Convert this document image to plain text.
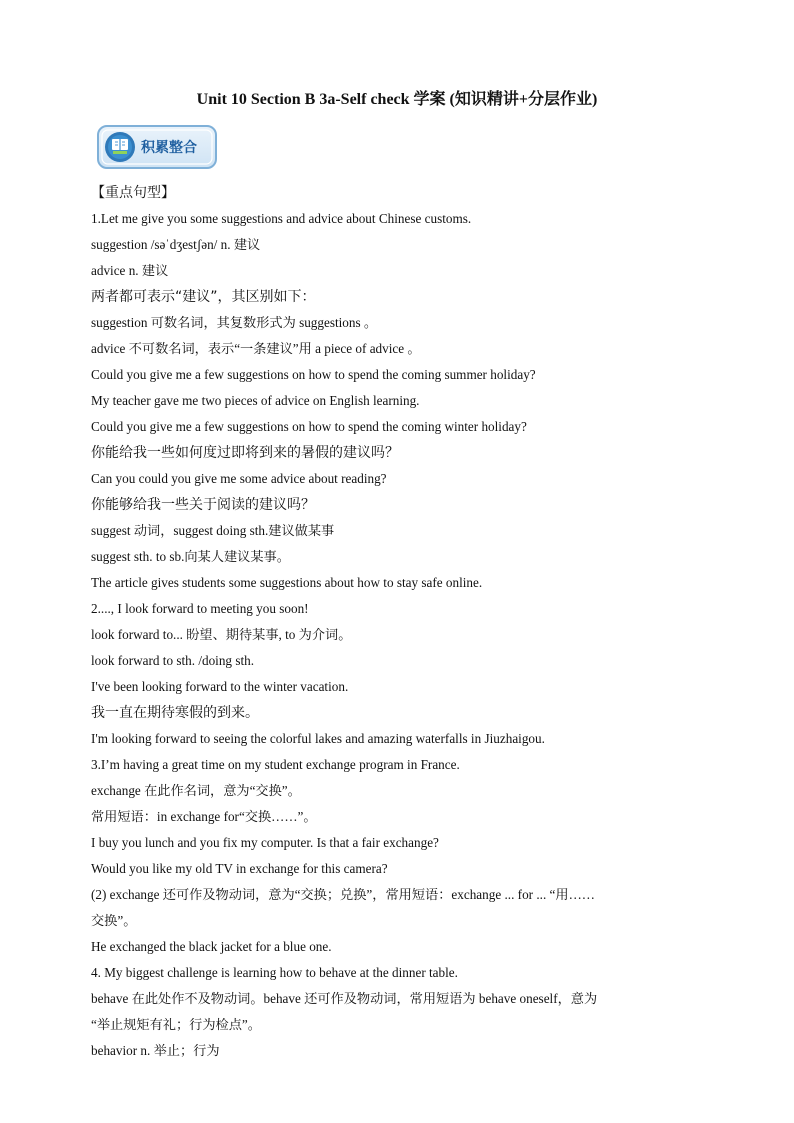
Unit 10 Section B 3a-Self check 学案 (知识精讲+分层作业)
积累整合
【重点句型】
1.Let me give you some suggestions and advice about Chinese customs.
suggestion /səˈdʒestʃən/ n. 建议
advice n. 建议
两者都可表示“建议”，其区别如下：
suggestion 可数名词，其复数形式为 suggestions 。
advice 不可数名词，表示“一条建议”用 a piece of advice 。
Could you give me a few suggestions on how to spend the coming summer holiday?
My teacher gave me two pieces of advice on English learning.
Could you give me a few suggestions on how to spend the coming winter holiday?
你能给我一些如何度过即将到来的暑假的建议吗？
Can you could you give me some advice about reading?
你能够给我一些关于阅读的建议吗？
suggest 动词，suggest doing sth.建议做某事
suggest sth. to sb.向某人建议某事。
The article gives students some suggestions about how to stay safe online.
2...., I look forward to meeting you soon!
look forward to... 盼望、期待某事, to 为介词。
look forward to sth. /doing sth.
I've been looking forward to the winter vacation.
我一直在期待寒假的到来。
I'm looking forward to seeing the colorful lakes and amazing waterfalls in Jiuzhaigou.
3.I’m having a great time on my student exchange program in France.
exchange 在此作名词，意为“交换”。
常用短语：in exchange for“交换……”。
I buy you lunch and you fix my computer. Is that a fair exchange?
Would you like my old TV in exchange for this camera?
(2) exchange 还可作及物动词，意为“交换；兑换”，常用短语：exchange ... for ... “用……
交换”。
He exchanged the black jacket for a blue one.
4. My biggest challenge is learning how to behave at the dinner table.
behave 在此处作不及物动词。behave 还可作及物动词，常用短语为 behave oneself，意为
“举止规矩有礼；行为检点”。
behavior n. 举止；行为
